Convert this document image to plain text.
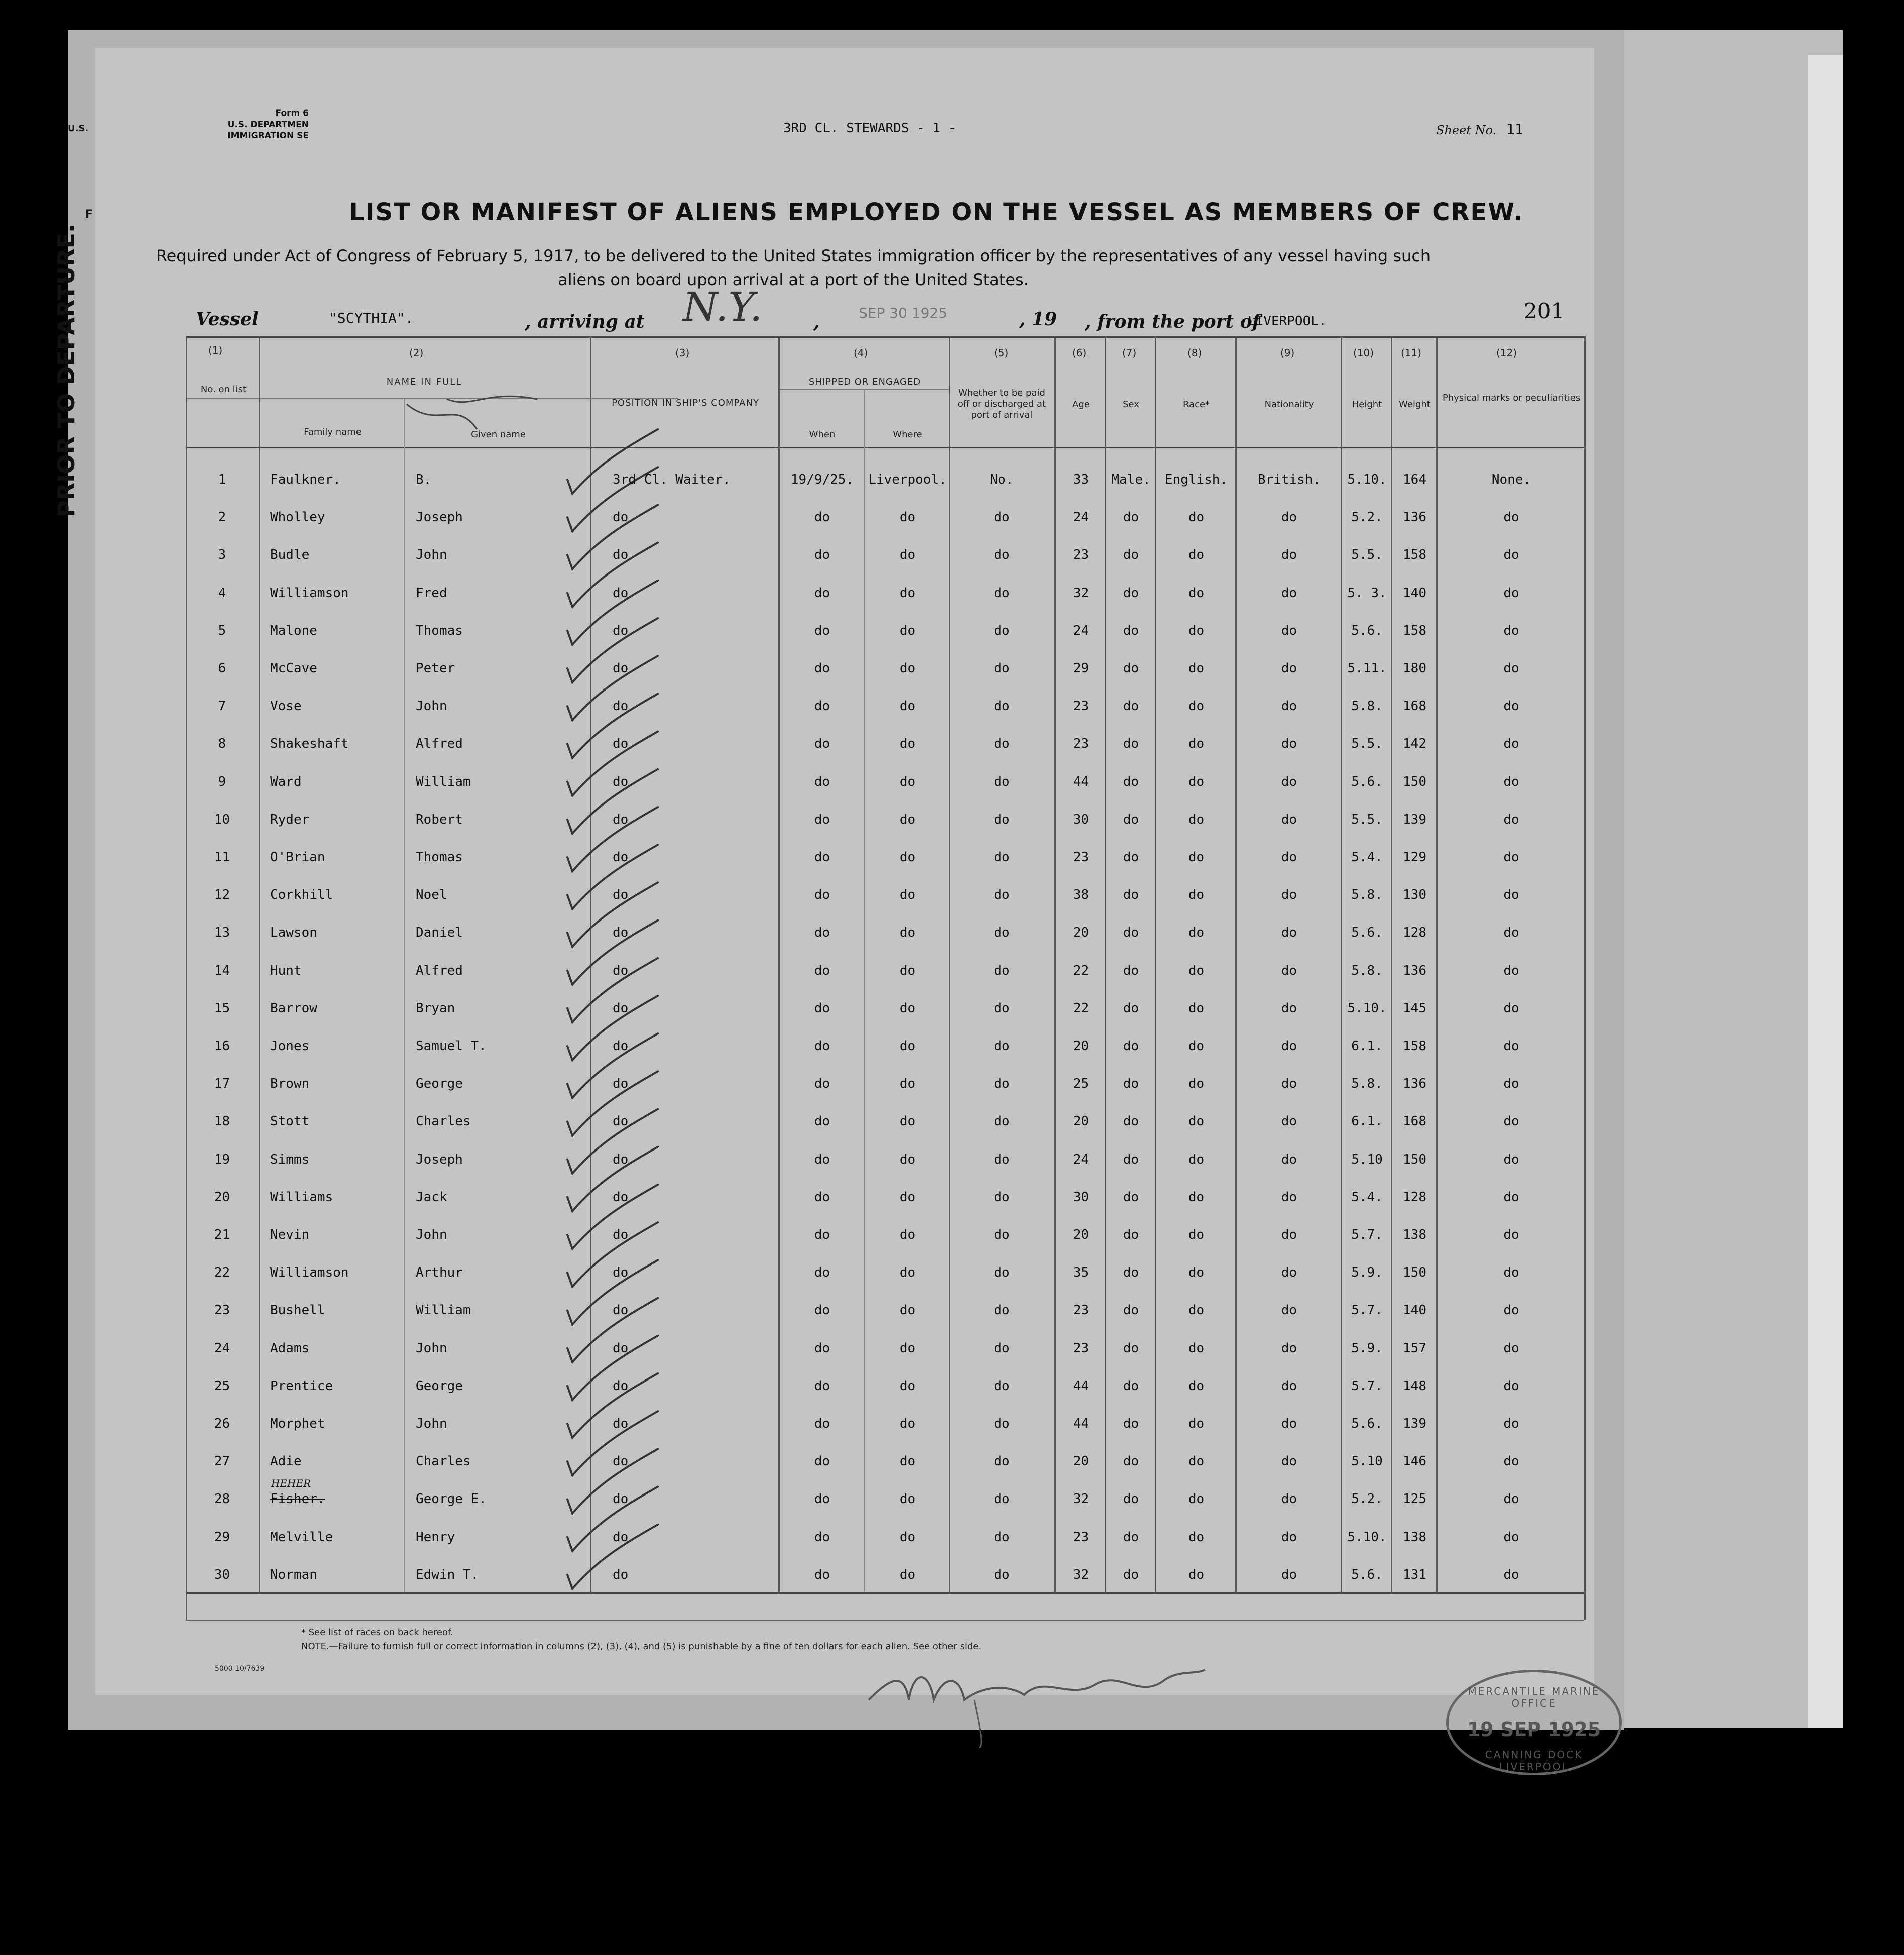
PRIOR TO DEPARTURE.
Form 6
U.S. DEPARTMEN
IMMIGRATION SE
U.S.
F
3RD CL. STEWARDS - 1 -	Sheet No. 11
LIST OR MANIFEST OF ALIENS EMPLOYED ON THE VESSEL AS MEMBERS OF CREW.
Required under Act of Congress of February 5, 1917, to be delivered to the United States immigration officer by the representatives of any vessel having such
aliens on board upon arrival at a port of the United States.
Vessel	"SCYTHIA".	, arriving at N.Y.	,	SEP 30 1925	, 19 , from the port of
LIVERPOOL.	201
(1)	(2)	(3)	(4)	(5)	(6)	(7)	(8)	(9)	(10)	(11)	(12)
No. on list
NAME IN FULL
Family name	Given name
POSITION IN SHIP'S COMPANY
SHIPPED OR ENGAGED
When	Where
Whether to be paid off or discharged at port of arrival
Age	Sex	Race*	Nationality	Height	Weight
Physical marks or peculiarities
1	Faulkner.	B.	3rd Cl. Waiter.	19/9/25.	Liverpool.	No.	33	Male.	English.	British.	5.10.	164	None.
2	Wholley	Joseph	do	do	do	do	24	do	do	do	5.2.	136	do
3	Budle	John	do	do	do	do	23	do	do	do	5.5.	158	do
4	Williamson	Fred	do	do	do	do	32	do	do	do	5. 3.	140	do
5	Malone	Thomas	do	do	do	do	24	do	do	do	5.6.	158	do
6	McCave	Peter	do	do	do	do	29	do	do	do	5.11.	180	do
7	Vose	John	do	do	do	do	23	do	do	do	5.8.	168	do
8	Shakeshaft	Alfred	do	do	do	do	23	do	do	do	5.5.	142	do
9	Ward	William	do	do	do	do	44	do	do	do	5.6.	150	do
10	Ryder	Robert	do	do	do	do	30	do	do	do	5.5.	139	do
11	O'Brian	Thomas	do	do	do	do	23	do	do	do	5.4.	129	do
12	Corkhill	Noel	do	do	do	do	38	do	do	do	5.8.	130	do
13	Lawson	Daniel	do	do	do	do	20	do	do	do	5.6.	128	do
14	Hunt	Alfred	do	do	do	do	22	do	do	do	5.8.	136	do
15	Barrow	Bryan	do	do	do	do	22	do	do	do	5.10.	145	do
16	Jones	Samuel T.	do	do	do	do	20	do	do	do	6.1.	158	do
17	Brown	George	do	do	do	do	25	do	do	do	5.8.	136	do
18	Stott	Charles	do	do	do	do	20	do	do	do	6.1.	168	do
19	Simms	Joseph	do	do	do	do	24	do	do	do	5.10	150	do
20	Williams	Jack	do	do	do	do	30	do	do	do	5.4.	128	do
21	Nevin	John	do	do	do	do	20	do	do	do	5.7.	138	do
22	Williamson	Arthur	do	do	do	do	35	do	do	do	5.9.	150	do
23	Bushell	William	do	do	do	do	23	do	do	do	5.7.	140	do
24	Adams	John	do	do	do	do	23	do	do	do	5.9.	157	do
25	Prentice	George	do	do	do	do	44	do	do	do	5.7.	148	do
26	Morphet	John	do	do	do	do	44	do	do	do	5.6.	139	do
27	Adie	Charles	do	do	do	do	20	do	do	do	5.10	146	do
28	Fisher.	George E.	do	do	do	do	32	do	do	do	5.2.	125	do
HEHER
29	Melville	Henry	do	do	do	do	23	do	do	do	5.10.	138	do
30	Norman	Edwin T.	do	do	do	do	32	do	do	do	5.6.	131	do
* See list of races on back hereof.
NOTE.—Failure to furnish full or correct information in columns (2), (3), (4), and (5) is punishable by a fine of ten dollars for each alien. See other side.
5000 10/7639
MERCANTILE MARINE OFFICE
19 SEP 1925
CANNING DOCK LIVERPOOL
